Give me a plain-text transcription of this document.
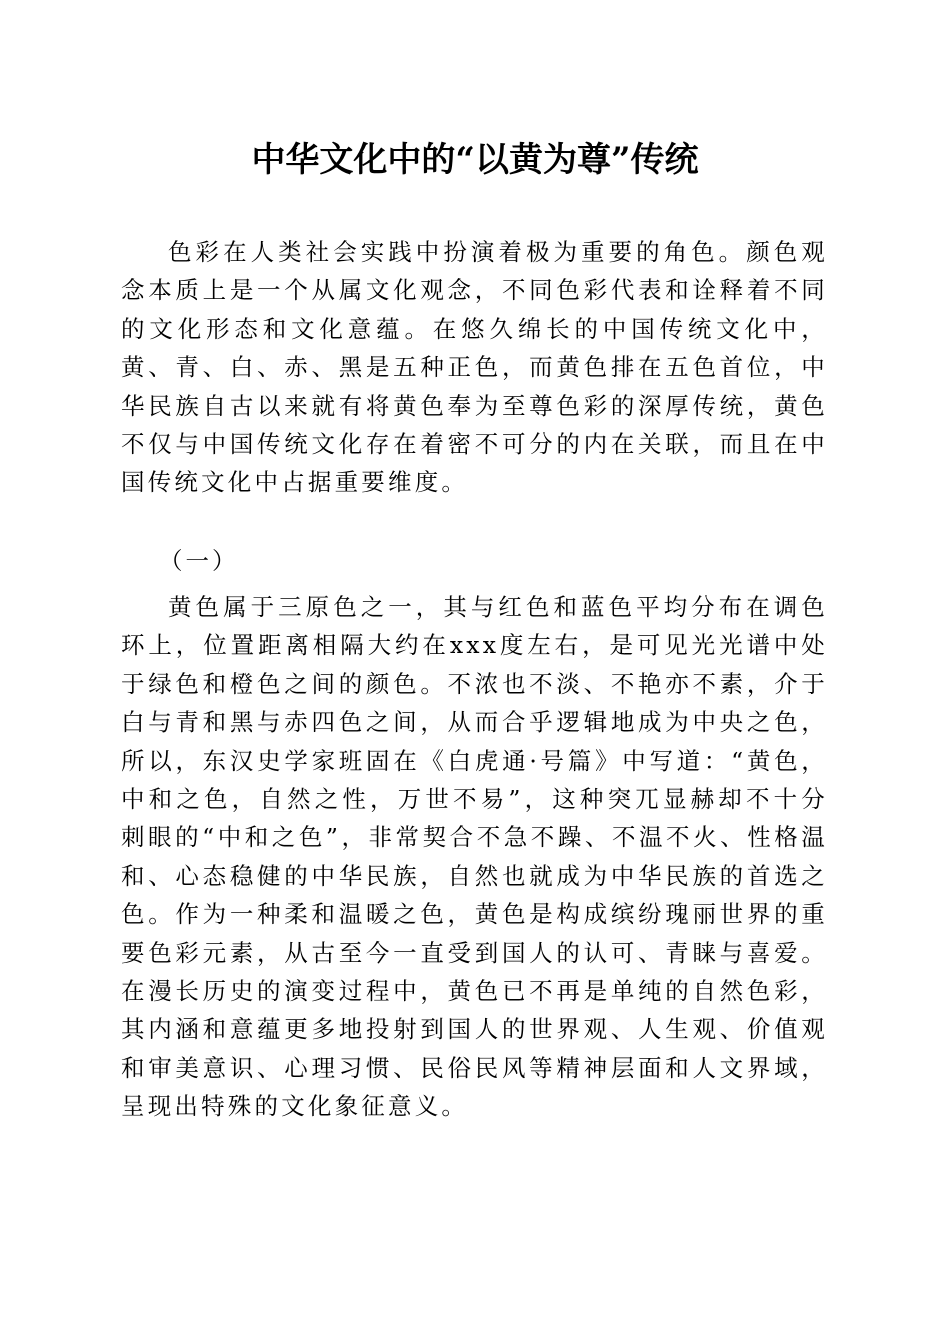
中华文化中的“以黄为尊”传统

色彩在人类社会实践中扮演着极为重要的角色。颜色观念本质上是一个从属文化观念，不同色彩代表和诠释着不同的文化形态和文化意蕴。在悠久绵长的中国传统文化中，黄、青、白、赤、黑是五种正色，而黄色排在五色首位，中华民族自古以来就有将黄色奉为至尊色彩的深厚传统，黄色不仅与中国传统文化存在着密不可分的内在关联，而且在中国传统文化中占据重要维度。

（一）

黄色属于三原色之一，其与红色和蓝色平均分布在调色环上，位置距离相隔大约在xxx度左右，是可见光光谱中处于绿色和橙色之间的颜色。不浓也不淡、不艳亦不素，介于白与青和黑与赤四色之间，从而合乎逻辑地成为中央之色，所以，东汉史学家班固在《白虎通·号篇》中写道：“黄色，中和之色，自然之性，万世不易”，这种突兀显赫却不十分刺眼的“中和之色”，非常契合不急不躁、不温不火、性格温和、心态稳健的中华民族，自然也就成为中华民族的首选之色。作为一种柔和温暖之色，黄色是构成缤纷瑰丽世界的重要色彩元素，从古至今一直受到国人的认可、青睐与喜爱。在漫长历史的演变过程中，黄色已不再是单纯的自然色彩，其内涵和意蕴更多地投射到国人的世界观、人生观、价值观和审美意识、心理习惯、民俗民风等精神层面和人文界域，呈现出特殊的文化象征意义。
